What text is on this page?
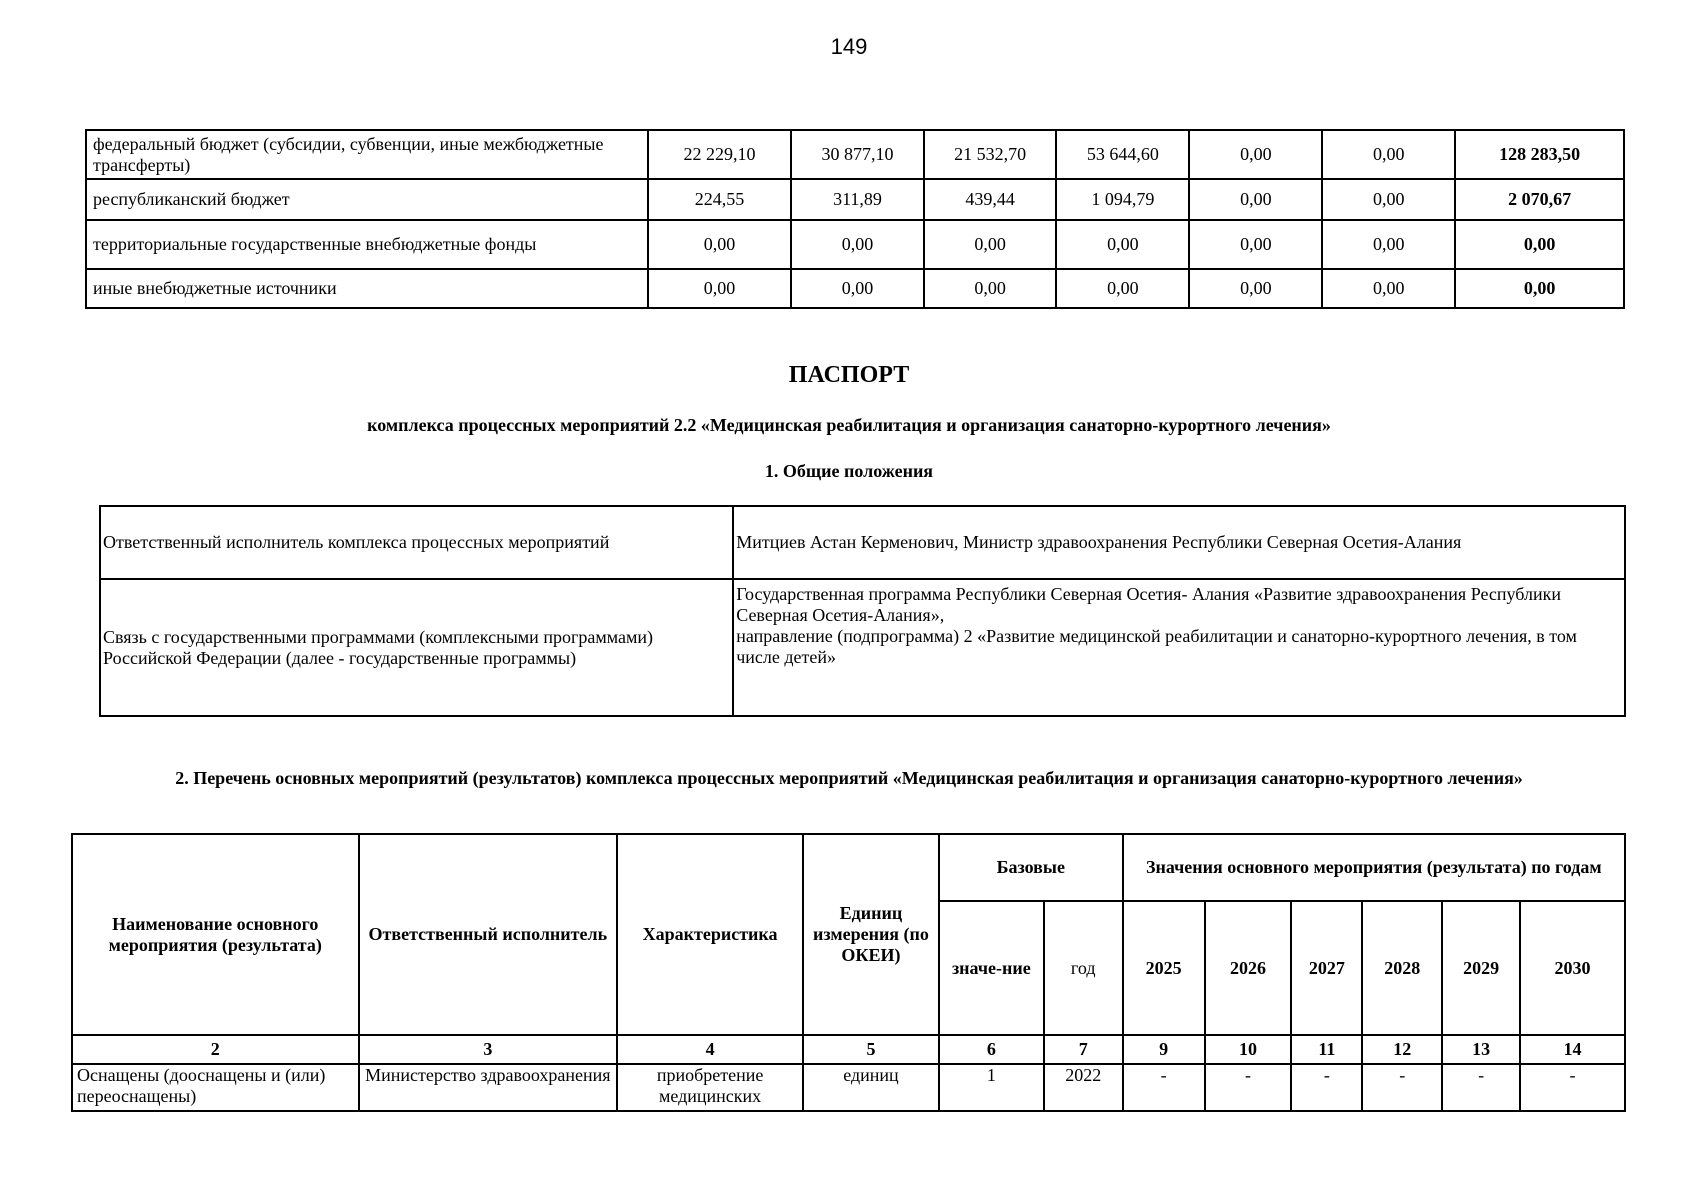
149
федеральный бюджет (субсидии, субвенции, иные межбюджетные трансферты)	22 229,10	30 877,10	21 532,70	53 644,60	0,00	0,00	128 283,50
республиканский бюджет	224,55	311,89	439,44	1 094,79	0,00	0,00	2 070,67
территориальные государственные внебюджетные фонды	0,00	0,00	0,00	0,00	0,00	0,00	0,00
иные внебюджетные источники	0,00	0,00	0,00	0,00	0,00	0,00	0,00
ПАСПОРТ
комплекса процессных мероприятий 2.2 «Медицинская реабилитация и организация санаторно-курортного лечения»
1. Общие положения
Ответственный исполнитель комплекса процессных мероприятий	Митциев Астан Керменович, Министр здравоохранения Республики Северная Осетия-Алания
Связь с государственными программами (комплексными программами) Российской Федерации (далее - государственные программы)	Государственная программа Республики Северная Осетия- Алания «Развитие здравоохранения Республики Северная Осетия-Алания»,
направление (подпрограмма) 2 «Развитие медицинской реабилитации и санаторно-курортного лечения, в том числе детей»
2. Перечень основных мероприятий (результатов) комплекса процессных мероприятий «Медицинская реабилитация и организация санаторно-курортного лечения»
Наименование основного мероприятия (результата)	Ответственный исполнитель	Характеристика	Единиц измерения (по ОКЕИ)	Базовые		Значения основного мероприятия (результата) по годам					
				значе-ние	год	2025	2026	2027	2028	2029	2030
2	3	4	5	6	7	9	10	11	12	13	14
Оснащены (дооснащены и (или) переоснащены)	Министерство здравоохранения	приобретение медицинских	единиц	1	2022	-	-	-	-	-	-
